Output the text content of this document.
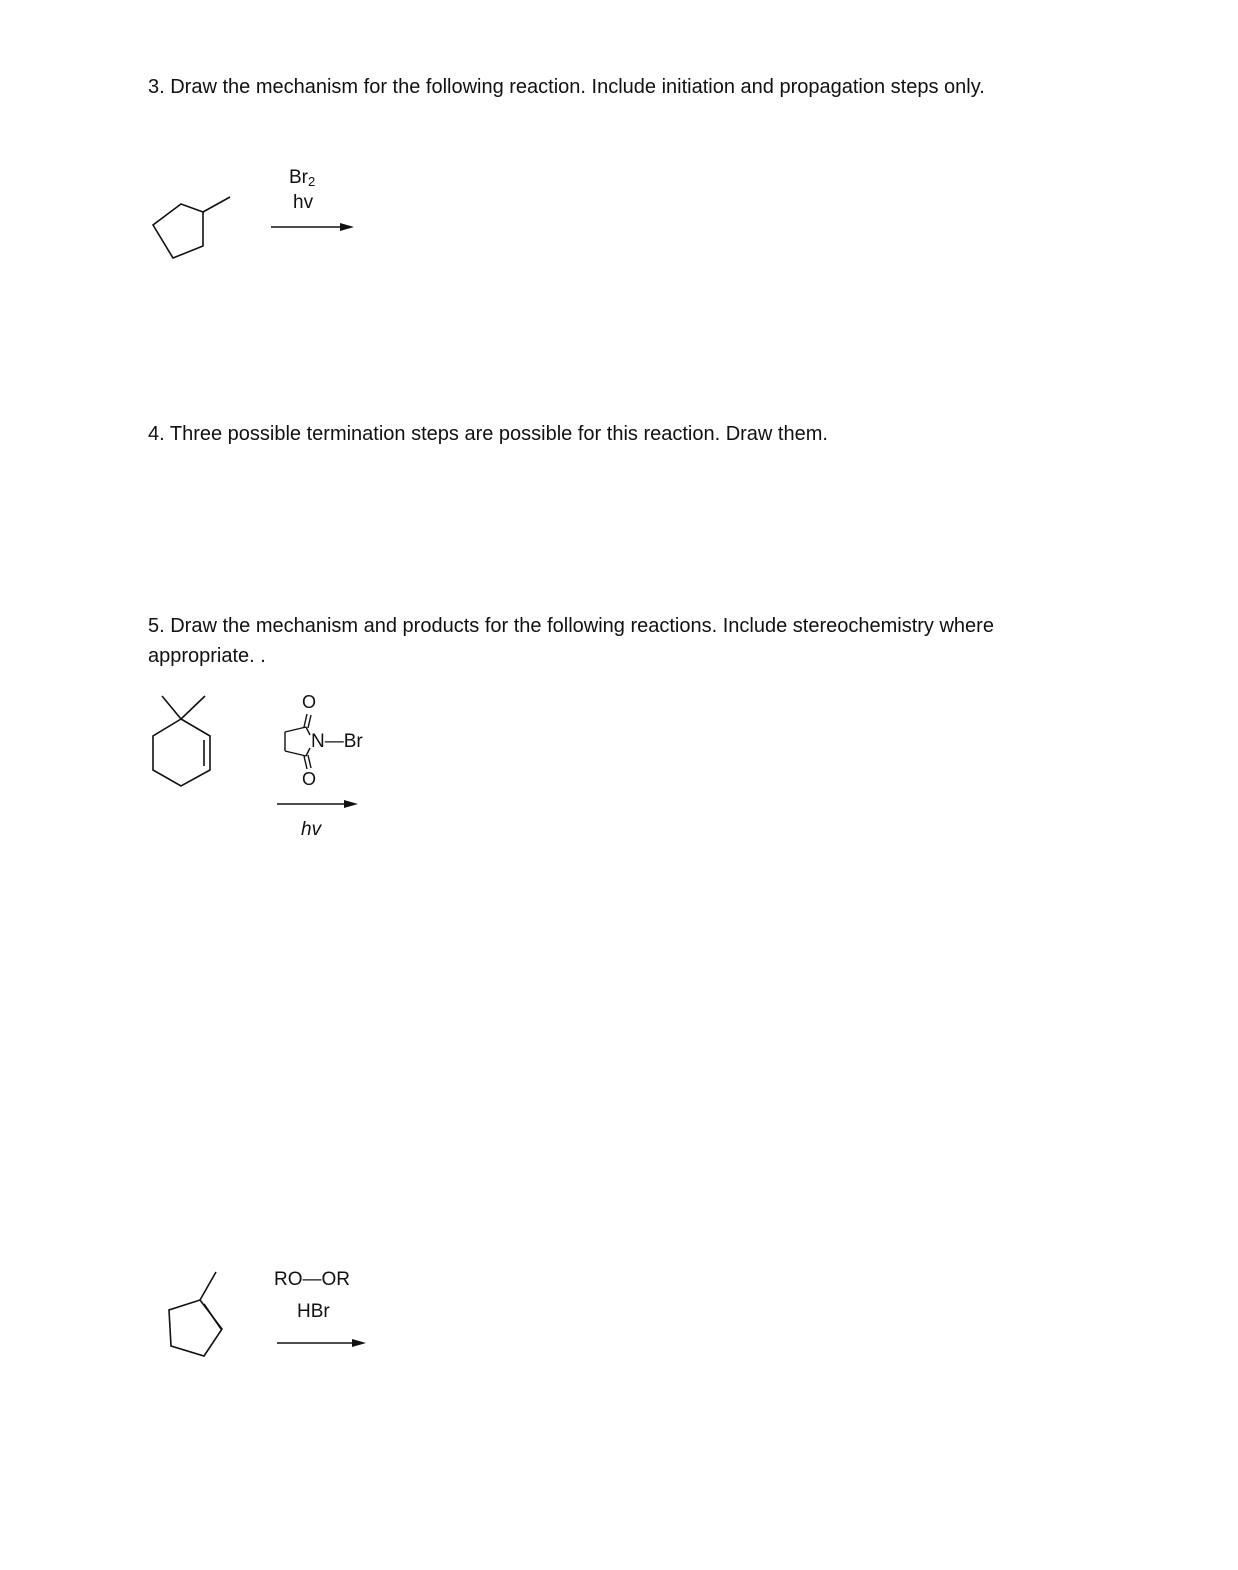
3. Draw the mechanism for the following reaction. Include initiation and propagation steps only.

$Br_2$
hv

4. Three possible termination steps are possible for this reaction. Draw them.

5. Draw the mechanism and products for the following reactions. Include stereochemistry where
appropriate. .

O
N—Br
O
hv
RO—OR
HBr
